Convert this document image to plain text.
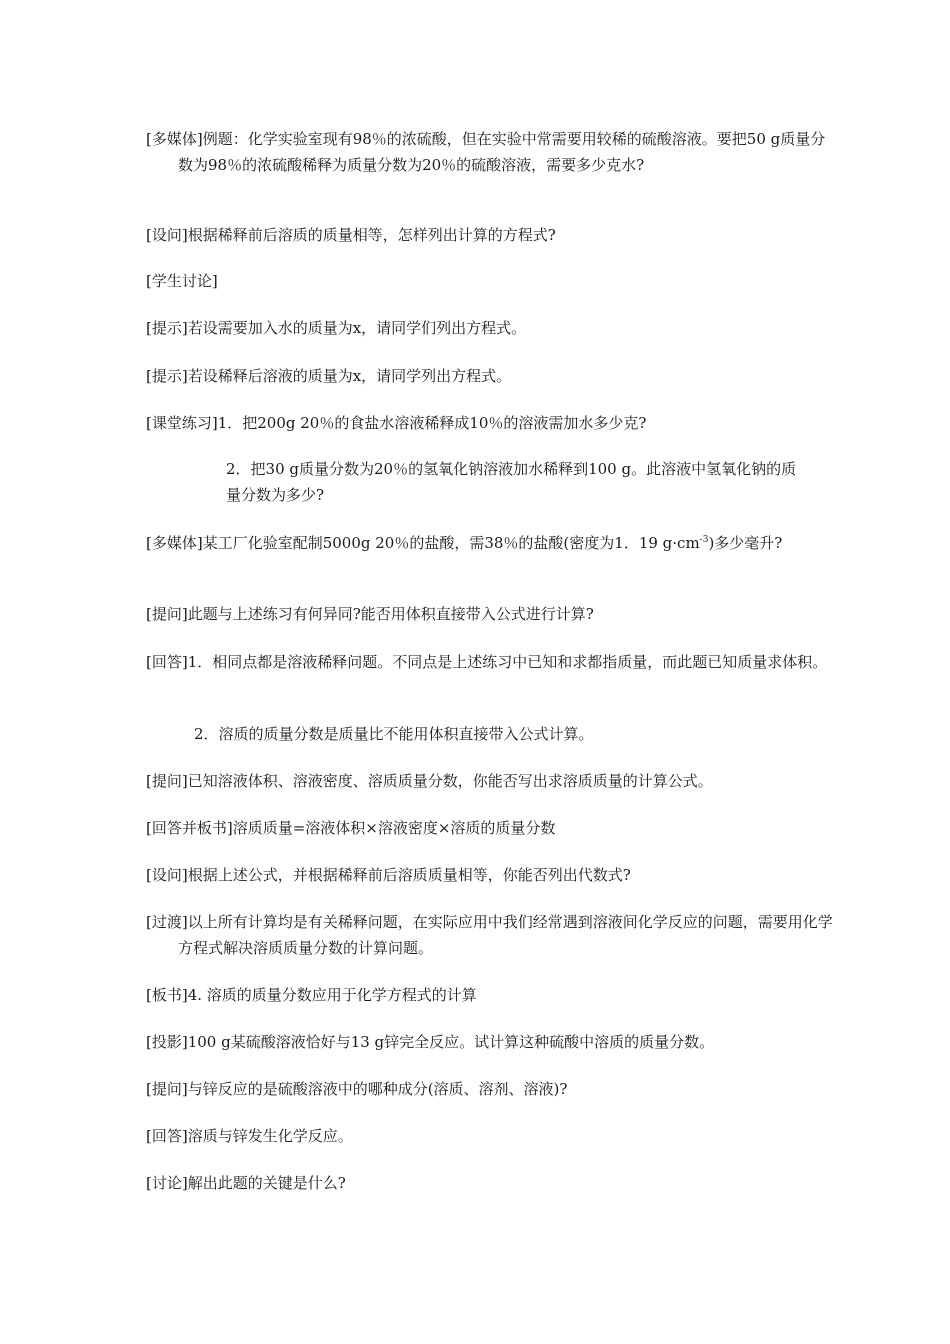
[多媒体]例题：化学实验室现有98％的浓硫酸，但在实验中常需要用较稀的硫酸溶液。要把50 g质量分数为98％的浓硫酸稀释为质量分数为20％的硫酸溶液，需要多少克水?
[设问]根据稀释前后溶质的质量相等，怎样列出计算的方程式?
[学生讨论]
[提示]若设需要加入水的质量为x，请同学们列出方程式。
[提示]若设稀释后溶液的质量为x，请同学列出方程式。
[课堂练习]1．把200g 20％的食盐水溶液稀释成10％的溶液需加水多少克?
2．把30 g质量分数为20％的氢氧化钠溶液加水稀释到100 g。此溶液中氢氧化钠的质量分数为多少?
[多媒体]某工厂化验室配制5000g 20％的盐酸，需38％的盐酸(密度为1．19 $g\cdot cm^{-3}$)多少毫升?
[提问]此题与上述练习有何异同?能否用体积直接带入公式进行计算?
[回答]1．相同点都是溶液稀释问题。不同点是上述练习中已知和求都指质量，而此题已知质量求体积。
2．溶质的质量分数是质量比不能用体积直接带入公式计算。
[提问]已知溶液体积、溶液密度、溶质质量分数，你能否写出求溶质质量的计算公式。
[回答并板书]溶质质量=溶液体积×溶液密度×溶质的质量分数
[设问]根据上述公式，并根据稀释前后溶质质量相等，你能否列出代数式?
[过渡]以上所有计算均是有关稀释问题，在实际应用中我们经常遇到溶液间化学反应的问题，需要用化学方程式解决溶质质量分数的计算问题。
[板书]4. 溶质的质量分数应用于化学方程式的计算
[投影]100 g某硫酸溶液恰好与13 g锌完全反应。试计算这种硫酸中溶质的质量分数。
[提问]与锌反应的是硫酸溶液中的哪种成分(溶质、溶剂、溶液)?
[回答]溶质与锌发生化学反应。
[讨论]解出此题的关键是什么?
